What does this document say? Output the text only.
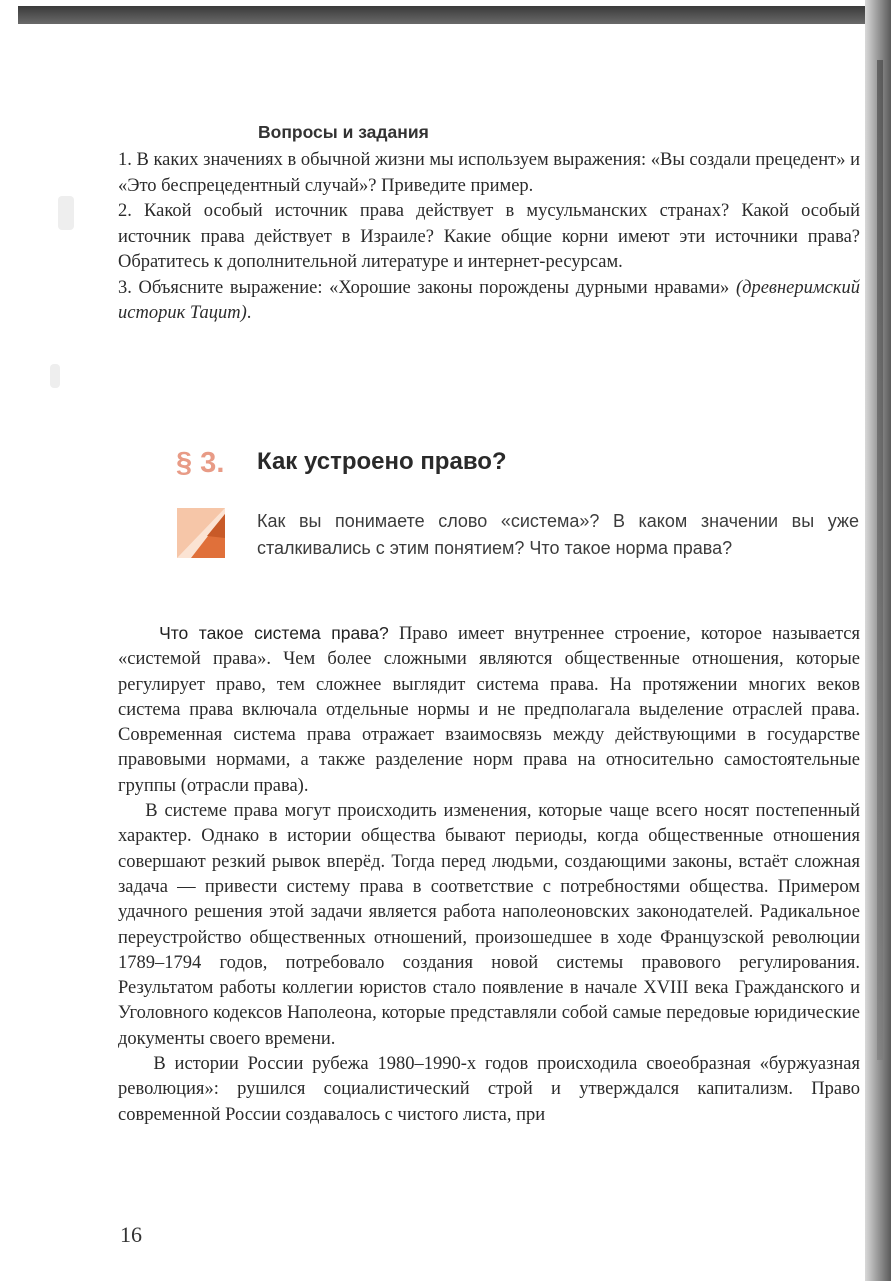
Вопросы и задания

1. В каких значениях в обычной жизни мы используем выражения: «Вы создали прецедент» и «Это беспрецедентный случай»? Приведите пример.

2. Какой особый источник права действует в мусульманских странах? Какой особый источник права действует в Израиле? Какие общие корни имеют эти источники права? Обратитесь к дополнительной литературе и интернет-ресурсам.

3. Объясните выражение: «Хорошие законы порождены дурными нравами» (древнеримский историк Тацит).

§ 3. Как устроено право?
Как вы понимаете слово «система»? В каком значении вы уже сталкивались с этим понятием? Что такое норма права?

Что такое система права? Право имеет внутреннее строение, которое называется «системой права». Чем более сложными являются общественные отношения, которые регулирует право, тем сложнее выглядит система права. На протяжении многих веков система права включала отдельные нормы и не предполагала выделение отраслей права. Современная система права отражает взаимосвязь между действующими в государстве правовыми нормами, а также разделение норм права на относительно самостоятельные группы (отрасли права).

В системе права могут происходить изменения, которые чаще всего носят постепенный характер. Однако в истории общества бывают периоды, когда общественные отношения совершают резкий рывок вперёд. Тогда перед людьми, создающими законы, встаёт сложная задача — привести систему права в соответствие с потребностями общества. Примером удачного решения этой задачи является работа наполеоновских законодателей. Радикальное переустройство общественных отношений, произошедшее в ходе Французской революции 1789–1794 годов, потребовало создания новой системы правового регулирования. Результатом работы коллегии юристов стало появление в начале XVIII века Гражданского и Уголовного кодексов Наполеона, которые представляли собой самые передовые юридические документы своего времени.

В истории России рубежа 1980–1990-х годов происходила своеобразная «буржуазная революция»: рушился социалистический строй и утверждался капитализм. Право современной России создавалось с чистого листа, при

16
